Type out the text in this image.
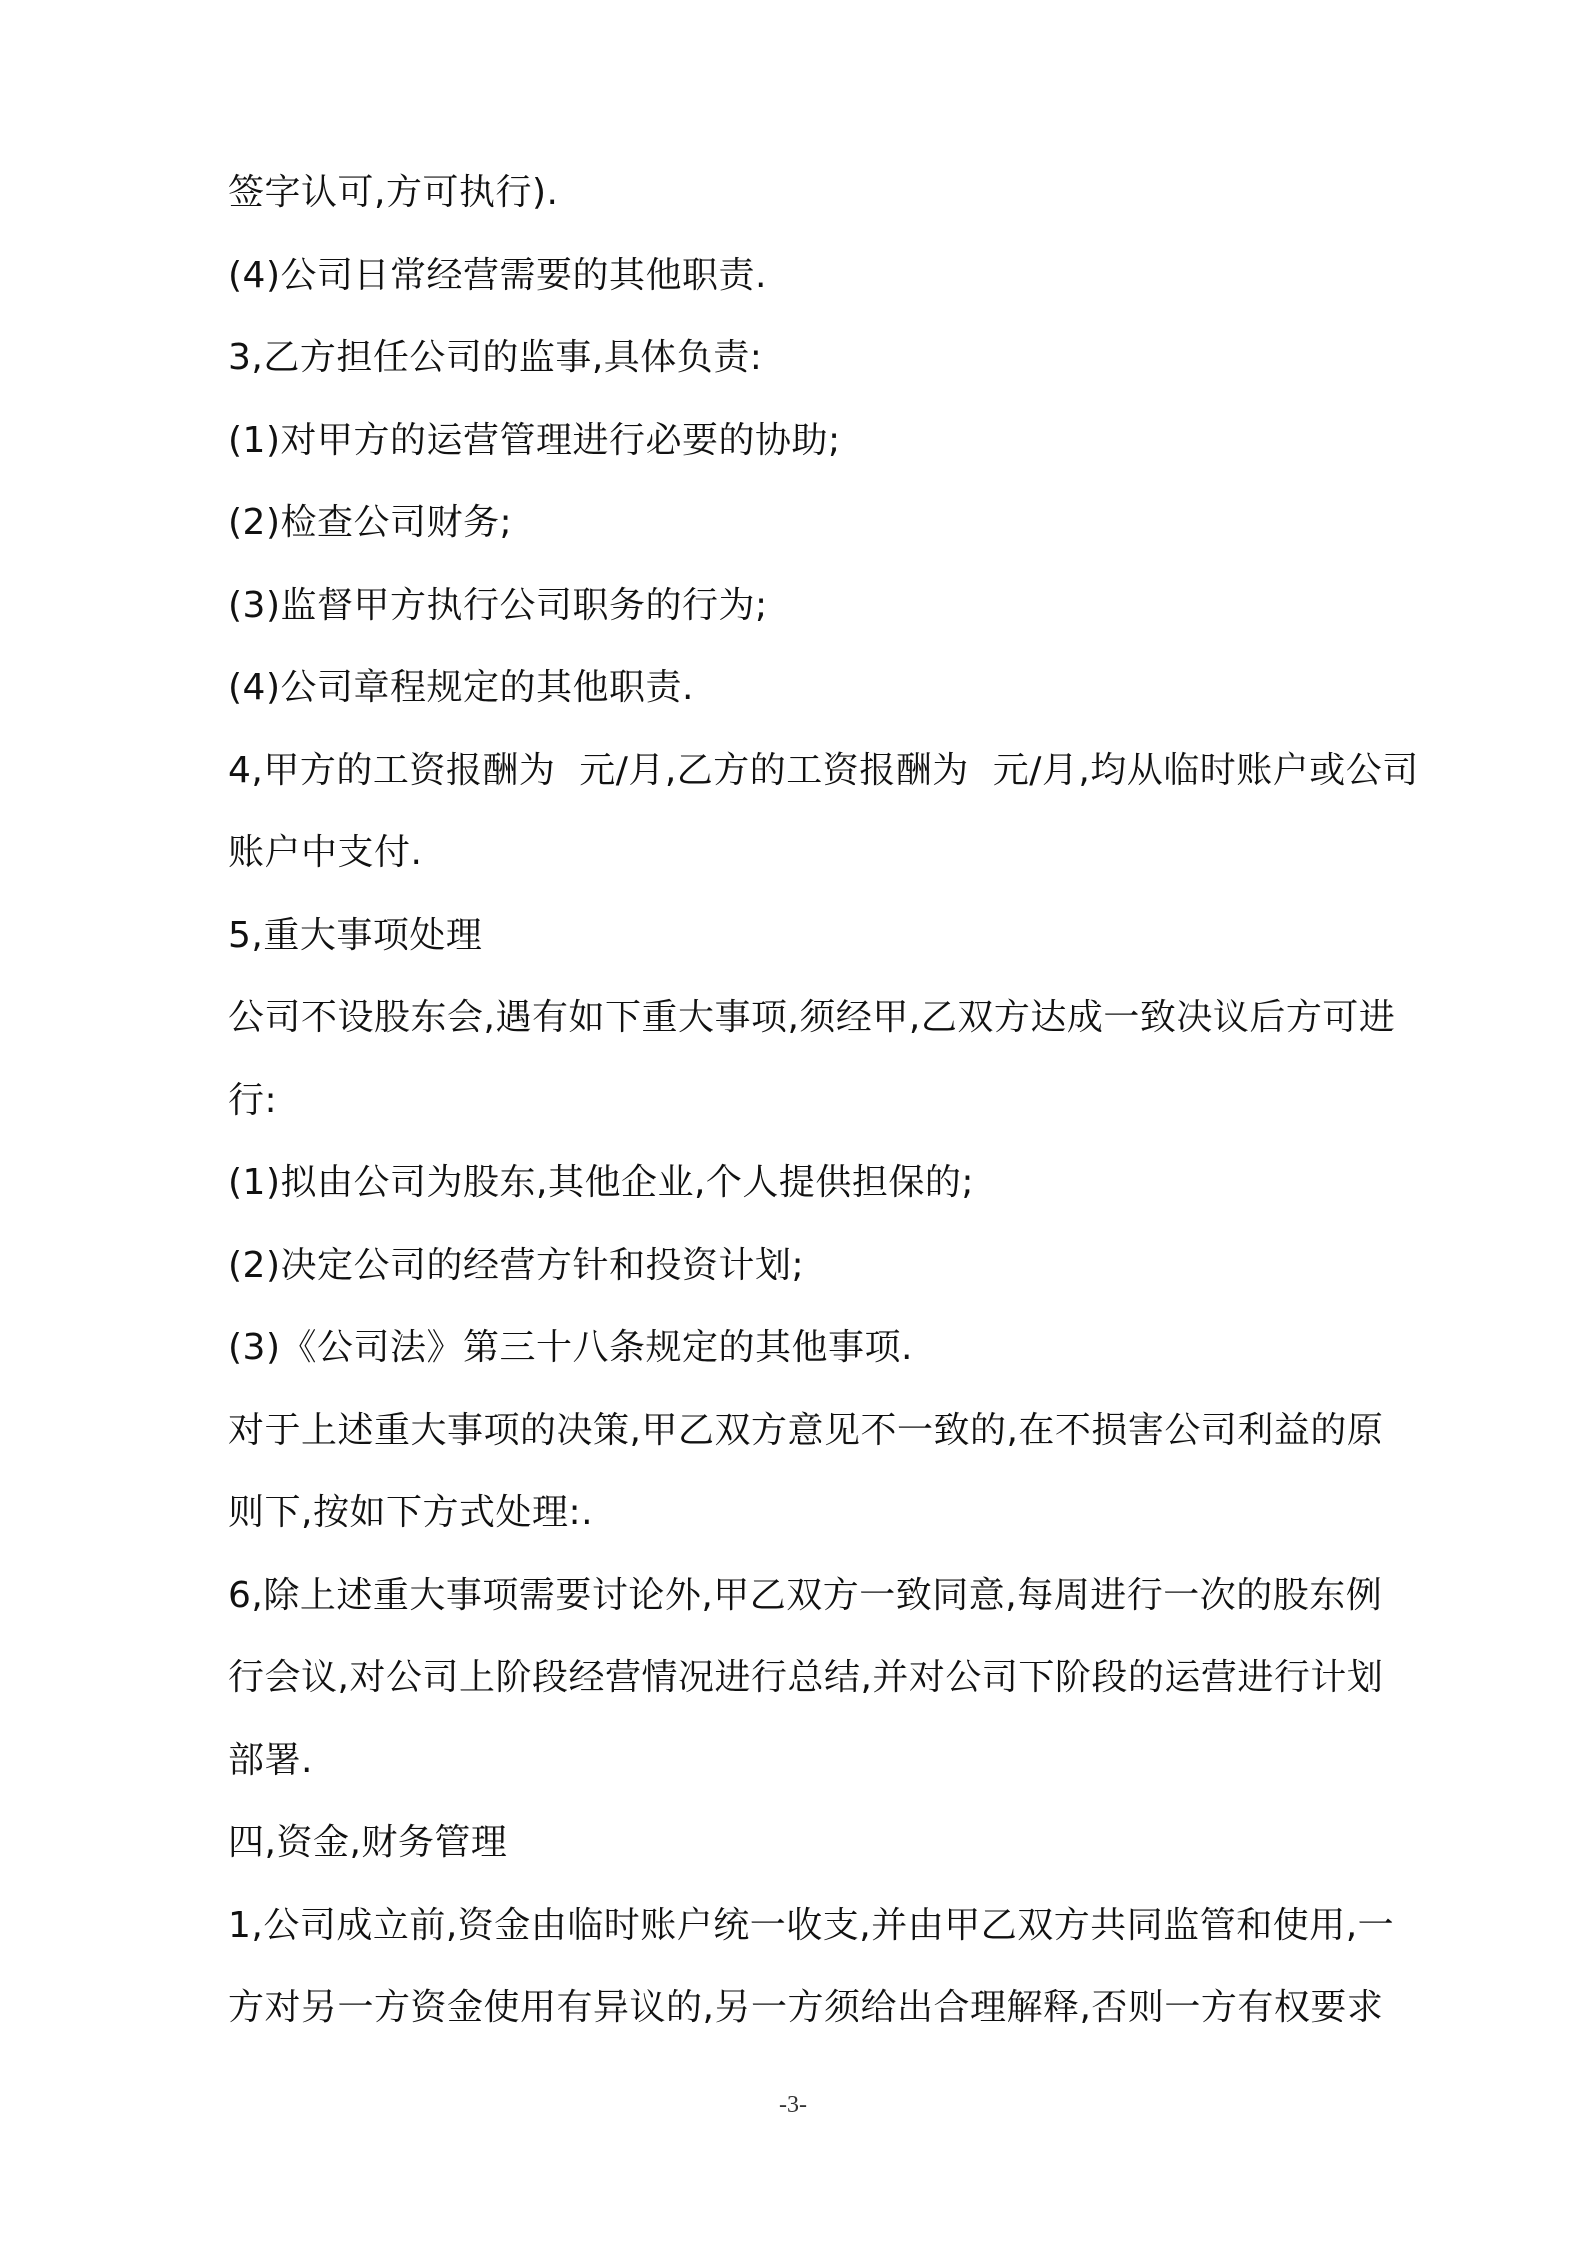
签字认可,方可执行).
(4)公司日常经营需要的其他职责.
3,乙方担任公司的监事,具体负责:
(1)对甲方的运营管理进行必要的协助;
(2)检查公司财务;
(3)监督甲方执行公司职务的行为;
(4)公司章程规定的其他职责.
4,甲方的工资报酬为  元/月,乙方的工资报酬为  元/月,均从临时账户或公司
账户中支付.
5,重大事项处理
公司不设股东会,遇有如下重大事项,须经甲,乙双方达成一致决议后方可进
行:
(1)拟由公司为股东,其他企业,个人提供担保的;
(2)决定公司的经营方针和投资计划;
(3)《公司法》第三十八条规定的其他事项.
对于上述重大事项的决策,甲乙双方意见不一致的,在不损害公司利益的原
则下,按如下方式处理:.
6,除上述重大事项需要讨论外,甲乙双方一致同意,每周进行一次的股东例
行会议,对公司上阶段经营情况进行总结,并对公司下阶段的运营进行计划
部署.
四,资金,财务管理
1,公司成立前,资金由临时账户统一收支,并由甲乙双方共同监管和使用,一
方对另一方资金使用有异议的,另一方须给出合理解释,否则一方有权要求
-3-
